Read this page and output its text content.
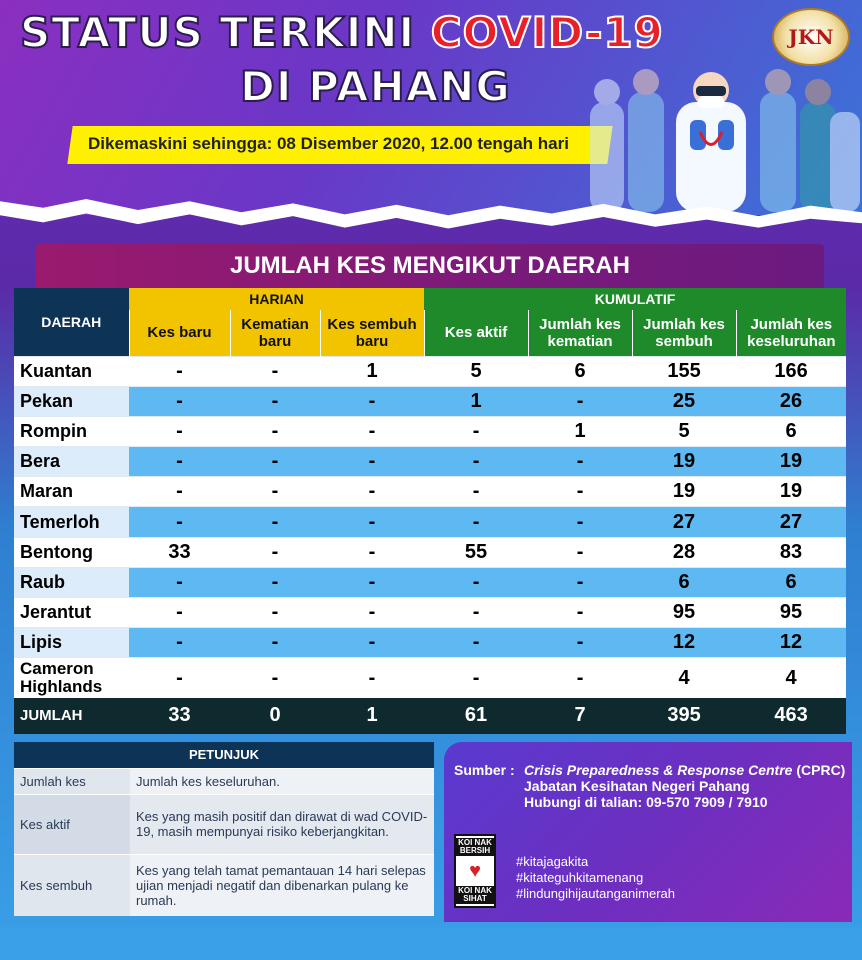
STATUS TERKINI COVID-19
DI PAHANG
Dikemaskini sehingga: 08 Disember 2020, 12.00 tengah hari
JKN
JUMLAH KES MENGIKUT DAERAH
DAERAH	HARIAN			KUMULATIF			
	Kes baru	Kematian baru	Kes sembuh baru	Kes aktif	Jumlah kes kematian	Jumlah kes sembuh	Jumlah kes keseluruhan
Kuantan	-	-	1	5	6	155	166
Pekan	-	-	-	1	-	25	26
Rompin	-	-	-	-	1	5	6
Bera	-	-	-	-	-	19	19
Maran	-	-	-	-	-	19	19
Temerloh	-	-	-	-	-	27	27
Bentong	33	-	-	55	-	28	83
Raub	-	-	-	-	-	6	6
Jerantut	-	-	-	-	-	95	95
Lipis	-	-	-	-	-	12	12
Cameron Highlands	-	-	-	-	-	4	4
JUMLAH	33	0	1	61	7	395	463
PETUNJUK	
Jumlah kes	Jumlah kes keseluruhan.
Kes aktif	Kes yang masih positif dan dirawat di wad COVID-19, masih mempunyai risiko keberjangkitan.
Kes sembuh	Kes yang telah tamat pemantauan 14 hari selepas ujian menjadi negatif dan dibenarkan pulang ke rumah.
Sumber : Crisis Preparedness & Response Centre (CPRC)
Jabatan Kesihatan Negeri Pahang
Hubungi di talian: 09-570 7909 / 7910
KOI NAK BERSIH
♥
KOI NAK SIHAT
#kitajagakita
#kitateguhkitamenang
#lindungihijautanganimerah
